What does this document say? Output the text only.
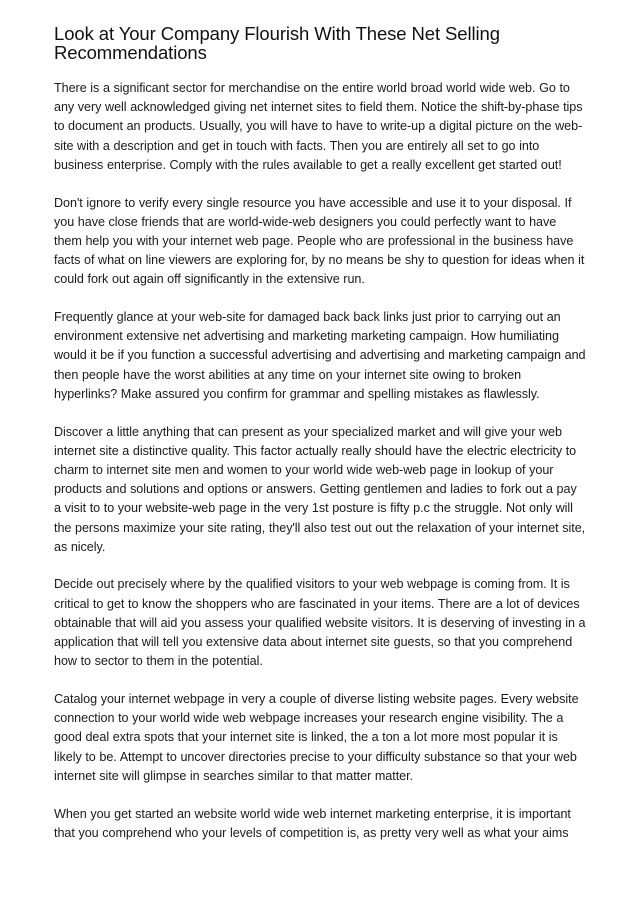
Look at Your Company Flourish With These Net Selling Recommendations

There is a significant sector for merchandise on the entire world broad world wide web. Go to any very well acknowledged giving net internet sites to field them. Notice the shift-by-phase tips to document an products. Usually, you will have to have to write-up a digital picture on the web-site with a description and get in touch with facts. Then you are entirely all set to go into business enterprise. Comply with the rules available to get a really excellent get started out!

Don't ignore to verify every single resource you have accessible and use it to your disposal. If you have close friends that are world-wide-web designers you could perfectly want to have them help you with your internet web page. People who are professional in the business have facts of what on line viewers are exploring for, by no means be shy to question for ideas when it could fork out again off significantly in the extensive run.

Frequently glance at your web-site for damaged back back links just prior to carrying out an environment extensive net advertising and marketing marketing campaign. How humiliating would it be if you function a successful advertising and advertising and marketing campaign and then people have the worst abilities at any time on your internet site owing to broken hyperlinks? Make assured you confirm for grammar and spelling mistakes as flawlessly.

Discover a little anything that can present as your specialized market and will give your web internet site a distinctive quality. This factor actually really should have the electric electricity to charm to internet site men and women to your world wide web-web page in lookup of your products and solutions and options or answers. Getting gentlemen and ladies to fork out a pay a visit to to your website-web page in the very 1st posture is fifty p.c the struggle. Not only will the persons maximize your site rating, they'll also test out out the relaxation of your internet site, as nicely.

Decide out precisely where by the qualified visitors to your web webpage is coming from. It is critical to get to know the shoppers who are fascinated in your items. There are a lot of devices obtainable that will aid you assess your qualified website visitors. It is deserving of investing in a application that will tell you extensive data about internet site guests, so that you comprehend how to sector to them in the potential.

Catalog your internet webpage in very a couple of diverse listing website pages. Every website connection to your world wide web webpage increases your research engine visibility. The a good deal extra spots that your internet site is linked, the a ton a lot more most popular it is likely to be. Attempt to uncover directories precise to your difficulty substance so that your web internet site will glimpse in searches similar to that matter matter.

When you get started an website world wide web internet marketing enterprise, it is important that you comprehend who your levels of competition is, as pretty very well as what your aims
